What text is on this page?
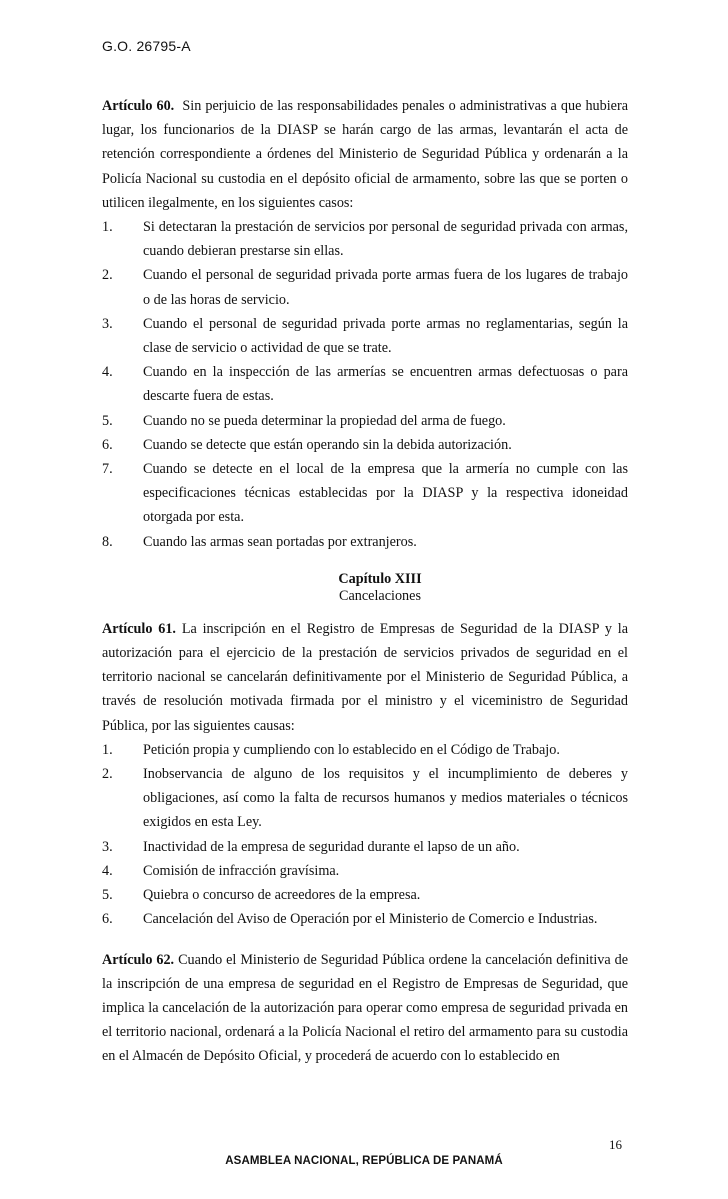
G.O. 26795-A

Artículo 60. Sin perjuicio de las responsabilidades penales o administrativas a que hubiera lugar, los funcionarios de la DIASP se harán cargo de las armas, levantarán el acta de retención correspondiente a órdenes del Ministerio de Seguridad Pública y ordenarán a la Policía Nacional su custodia en el depósito oficial de armamento, sobre las que se porten o utilicen ilegalmente, en los siguientes casos:

1. Si detectaran la prestación de servicios por personal de seguridad privada con armas, cuando debieran prestarse sin ellas.
2. Cuando el personal de seguridad privada porte armas fuera de los lugares de trabajo o de las horas de servicio.
3. Cuando el personal de seguridad privada porte armas no reglamentarias, según la clase de servicio o actividad de que se trate.
4. Cuando en la inspección de las armerías se encuentren armas defectuosas o para descarte fuera de estas.
5. Cuando no se pueda determinar la propiedad del arma de fuego.
6. Cuando se detecte que están operando sin la debida autorización.
7. Cuando se detecte en el local de la empresa que la armería no cumple con las especificaciones técnicas establecidas por la DIASP y la respectiva idoneidad otorgada por esta.
8. Cuando las armas sean portadas por extranjeros.
Capítulo XIII
Cancelaciones

Artículo 61. La inscripción en el Registro de Empresas de Seguridad de la DIASP y la autorización para el ejercicio de la prestación de servicios privados de seguridad en el territorio nacional se cancelarán definitivamente por el Ministerio de Seguridad Pública, a través de resolución motivada firmada por el ministro y el viceministro de Seguridad Pública, por las siguientes causas:

1. Petición propia y cumpliendo con lo establecido en el Código de Trabajo.
2. Inobservancia de alguno de los requisitos y el incumplimiento de deberes y obligaciones, así como la falta de recursos humanos y medios materiales o técnicos exigidos en esta Ley.
3. Inactividad de la empresa de seguridad durante el lapso de un año.
4. Comisión de infracción gravísima.
5. Quiebra o concurso de acreedores de la empresa.
6. Cancelación del Aviso de Operación por el Ministerio de Comercio e Industrias.

Artículo 62. Cuando el Ministerio de Seguridad Pública ordene la cancelación definitiva de la inscripción de una empresa de seguridad en el Registro de Empresas de Seguridad, que implica la cancelación de la autorización para operar como empresa de seguridad privada en el territorio nacional, ordenará a la Policía Nacional el retiro del armamento para su custodia en el Almacén de Depósito Oficial, y procederá de acuerdo con lo establecido en

16
ASAMBLEA NACIONAL, REPÚBLICA DE PANAMÁ
